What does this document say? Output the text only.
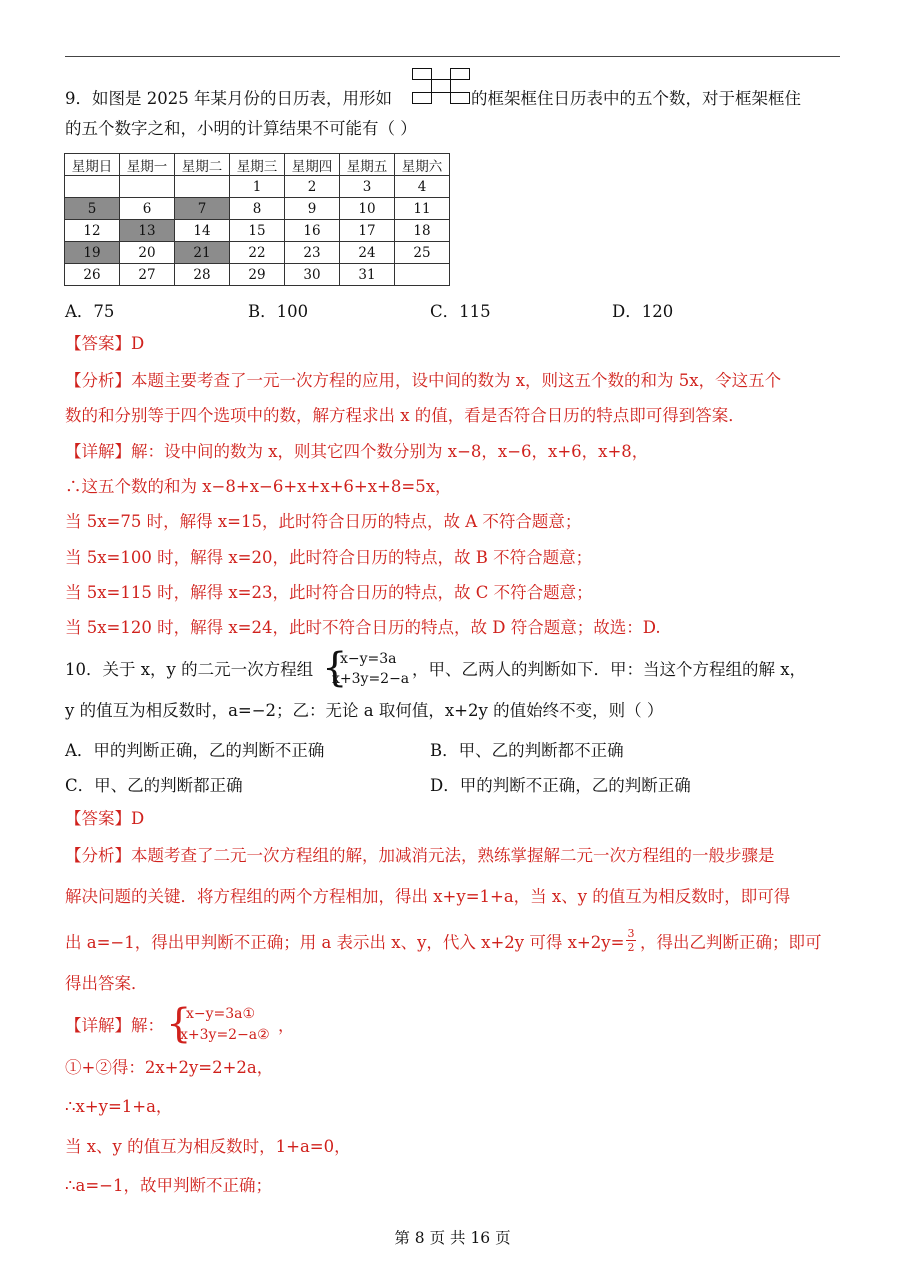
9．如图是 2025 年某月份的日历表，用形如	的框架框住日历表中的五个数，对于框架框住
的五个数字之和，小明的计算结果不可能有（ ）
星期日	星期一	星期二	星期三	星期四	星期五	星期六
			1	2	3	4
5	6	7	8	9	10	11
12	13	14	15	16	17	18
19	20	21	22	23	24	25
26	27	28	29	30	31	
A．75	B．100	C．115	D．120
【答案】D
【分析】本题主要考查了一元一次方程的应用，设中间的数为 x，则这五个数的和为 5x，令这五个
数的和分别等于四个选项中的数，解方程求出 x 的值，看是否符合日历的特点即可得到答案．
【详解】解：设中间的数为 x，则其它四个数分别为 x−8，x−6，x+6，x+8，
∴这五个数的和为 x−8+x−6+x+x+6+x+8=5x，
当 5x=75 时，解得 x=15，此时符合日历的特点，故 A 不符合题意；
当 5x=100 时，解得 x=20，此时符合日历的特点，故 B 不符合题意；
当 5x=115 时，解得 x=23，此时符合日历的特点，故 C 不符合题意；
当 5x=120 时，解得 x=24，此时不符合日历的特点，故 D 符合题意；故选：D.
10．关于 x，y 的二元一次方程组 {
x−y=3a
x+3y=2−a ，甲、乙两人的判断如下．甲：当这个方程组的解 x，
y 的值互为相反数时，a=−2；乙：无论 a 取何值，x+2y 的值始终不变，则（ ）
A．甲的判断正确，乙的判断不正确	B．甲、乙的判断都不正确
C．甲、乙的判断都正确	D．甲的判断不正确，乙的判断正确
【答案】D
【分析】本题考查了二元一次方程组的解，加减消元法，熟练掌握解二元一次方程组的一般步骤是
解决问题的关键．将方程组的两个方程相加，得出 x+y=1+a，当 x、y 的值互为相反数时，即可得
出 a=−1，得出甲判断不正确；用 a 表示出 x、y，代入 x+2y 可得 x+2y= 3
2 ，得出乙判断正确；即可
得出答案．
【详解】解： {
x−y=3a①
x+3y=2−a② ，
①+②得：2x+2y=2+2a，
∴x+y=1+a，
当 x、y 的值互为相反数时，1+a=0，
∴a=−1，故甲判断不正确；
第 8 页 共 16 页
